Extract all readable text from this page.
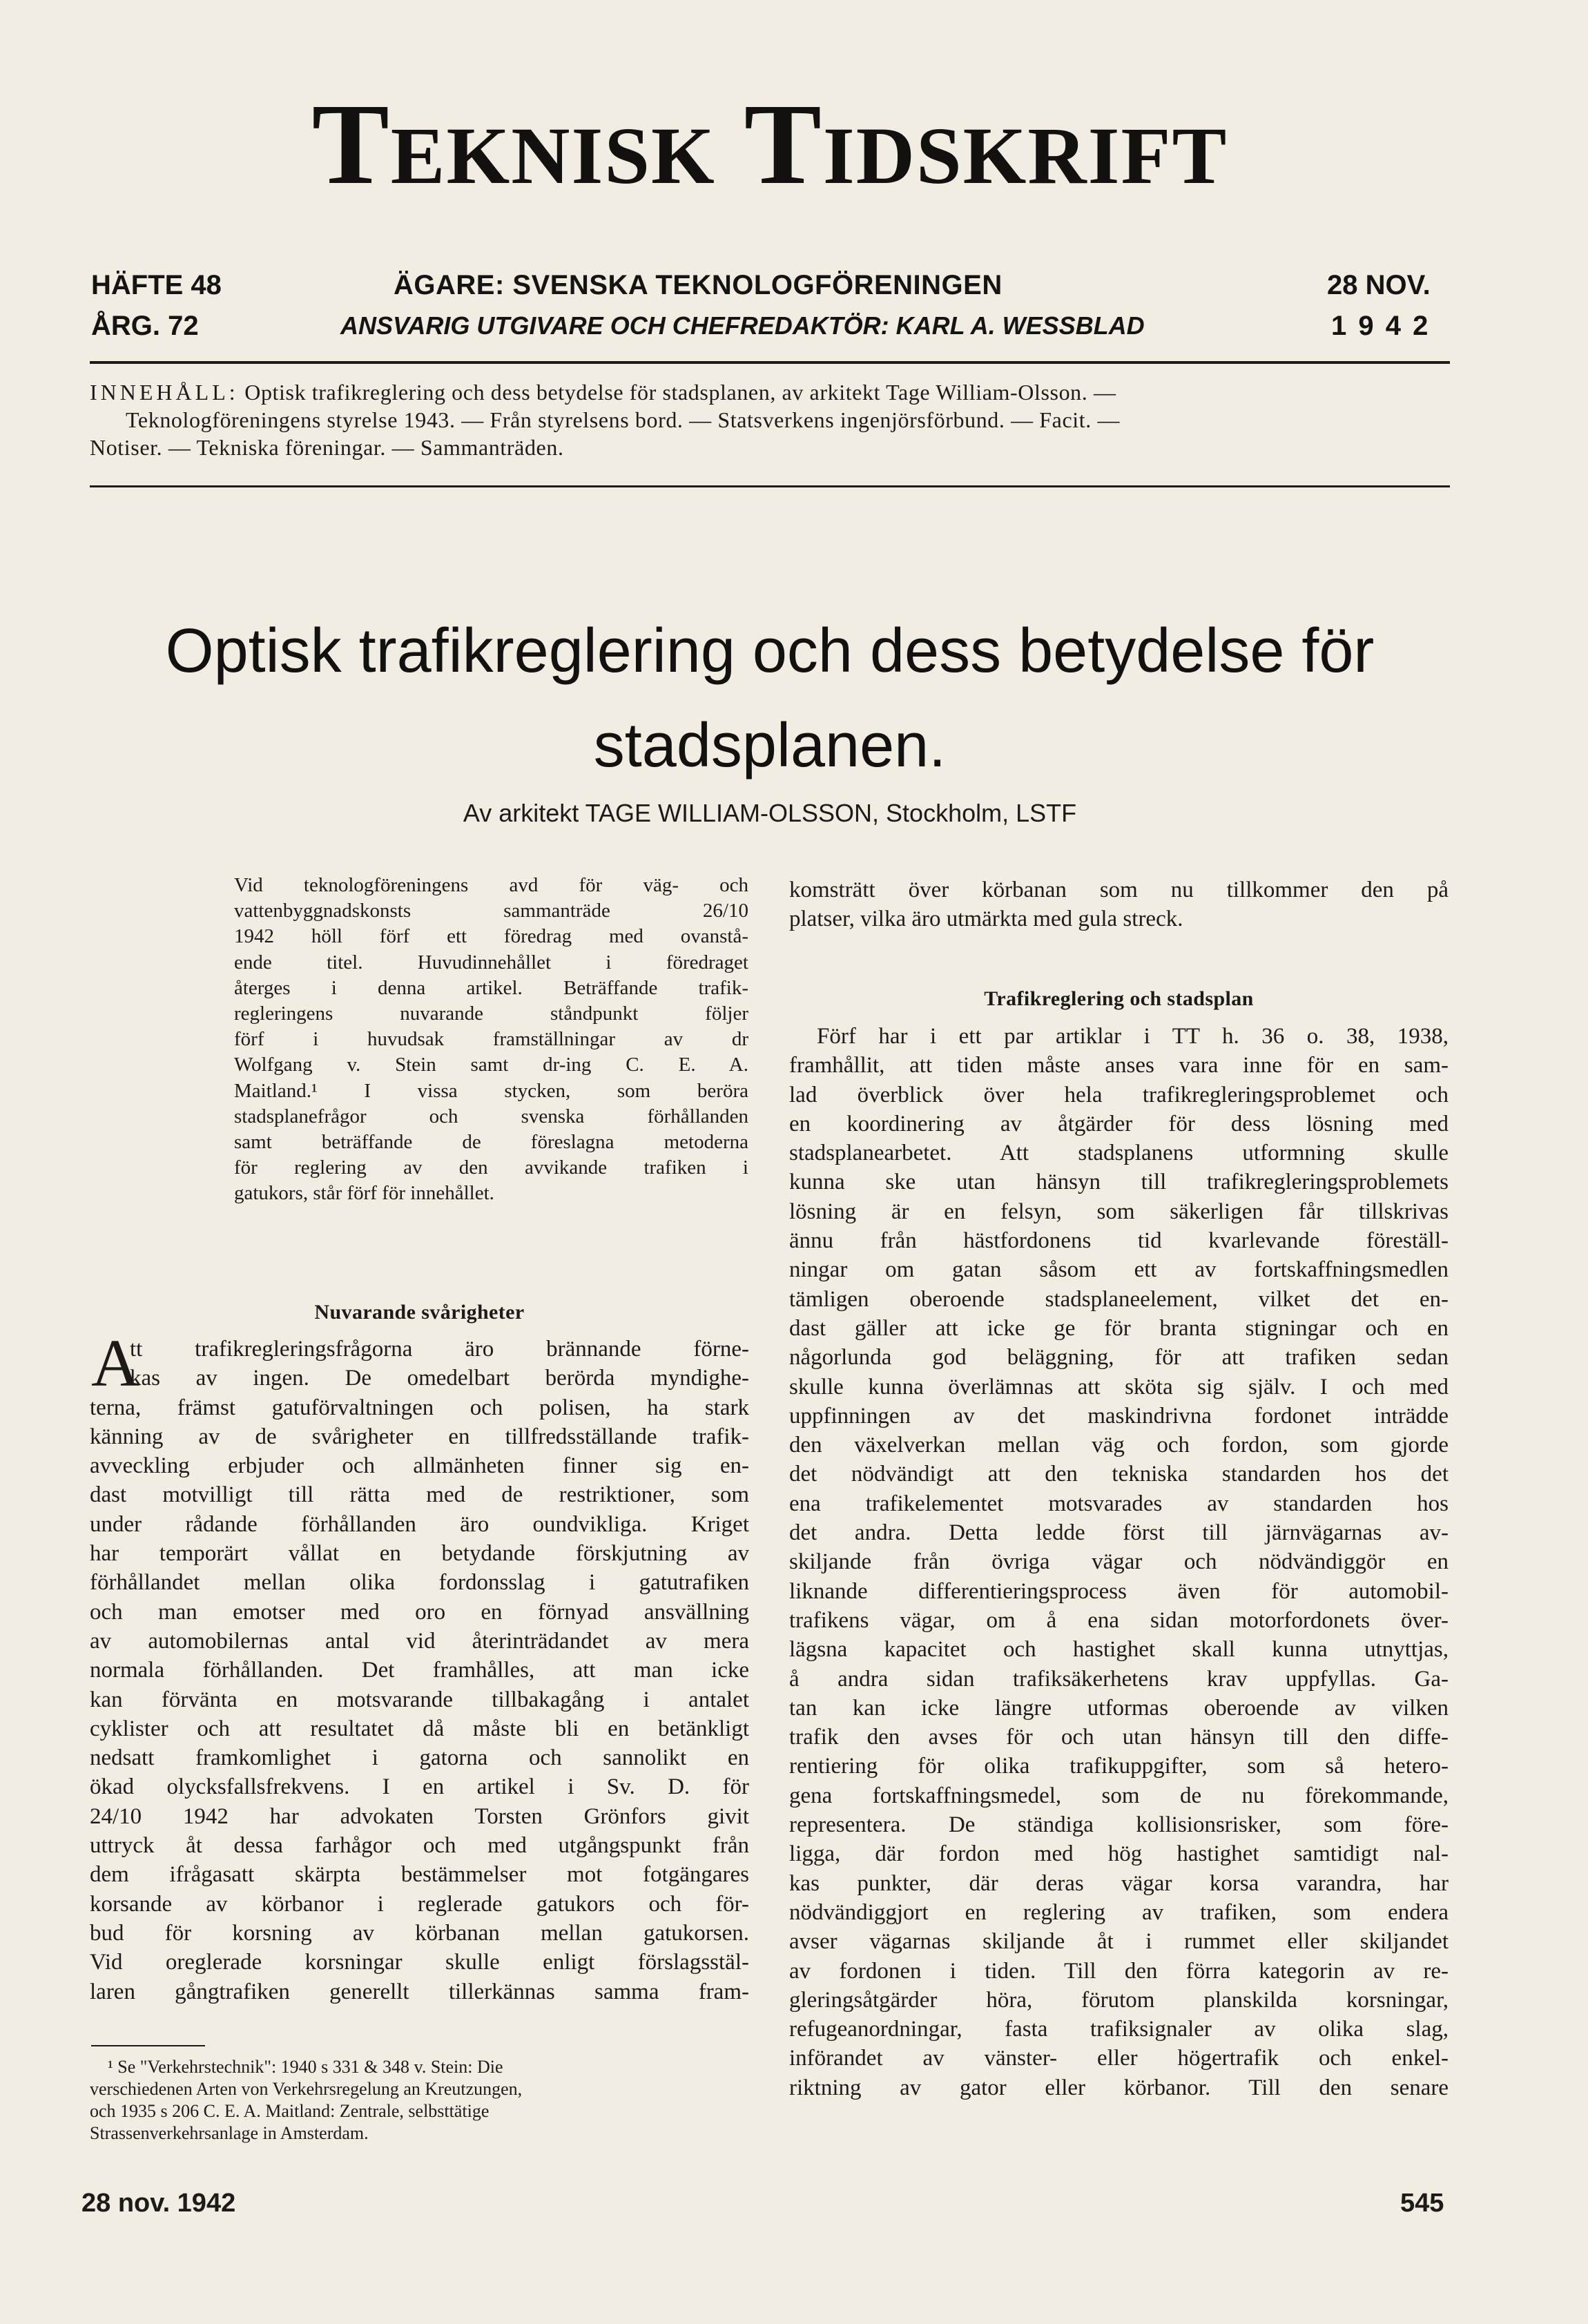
Teknisk Tidskrift
HÄFTE 48	ÄGARE: SVENSKA TEKNOLOGFÖRENINGEN	28 NOV.
ÅRG. 72	ANSVARIG UTGIVARE OCH CHEFREDAKTÖR: KARL A. WESSBLAD	1 9 4 2
INNEHÅLL: Optisk trafikreglering och dess betydelse för stadsplanen, av arkitekt Tage William-Olsson. —
Teknologföreningens styrelse 1943. — Från styrelsens bord. — Statsverkens ingenjörsförbund. — Facit. —
Notiser. — Tekniska föreningar. — Sammanträden.
Optisk trafikreglering och dess betydelse för
stadsplanen.
Av arkitekt TAGE WILLIAM-OLSSON, Stockholm, LSTF
Vid teknologföreningens avd för väg- och
vattenbyggnadskonsts sammanträde 26/10
1942 höll förf ett föredrag med ovanstå-
ende titel. Huvudinnehållet i föredraget
återges i denna artikel. Beträffande trafik-
regleringens nuvarande ståndpunkt följer
förf i huvudsak framställningar av dr
Wolfgang v. Stein samt dr-ing C. E. A.
Maitland.¹ I vissa stycken, som beröra
stadsplanefrågor och svenska förhållanden
samt beträffande de föreslagna metoderna
för reglering av den avvikande trafiken i
gatukors, står förf för innehållet.
Nuvarande svårigheter
A
tt trafikregleringsfrågorna äro brännande förne-
kas av ingen. De omedelbart berörda myndighe-
terna, främst gatuförvaltningen och polisen, ha stark
känning av de svårigheter en tillfredsställande trafik-
avveckling erbjuder och allmänheten finner sig en-
dast motvilligt till rätta med de restriktioner, som
under rådande förhållanden äro oundvikliga. Kriget
har temporärt vållat en betydande förskjutning av
förhållandet mellan olika fordonsslag i gatutrafiken
och man emotser med oro en förnyad ansvällning
av automobilernas antal vid återinträdandet av mera
normala förhållanden. Det framhålles, att man icke
kan förvänta en motsvarande tillbakagång i antalet
cyklister och att resultatet då måste bli en betänkligt
nedsatt framkomlighet i gatorna och sannolikt en
ökad olycksfallsfrekvens. I en artikel i Sv. D. för
24/10 1942 har advokaten Torsten Grönfors givit
uttryck åt dessa farhågor och med utgångspunkt från
dem ifrågasatt skärpta bestämmelser mot fotgängares
korsande av körbanor i reglerade gatukors och för-
bud för korsning av körbanan mellan gatukorsen.
Vid oreglerade korsningar skulle enligt förslagsstäl-
laren gångtrafiken generellt tillerkännas samma fram-
¹ Se "Verkehrstechnik": 1940 s 331 & 348 v. Stein: Die
verschiedenen Arten von Verkehrsregelung an Kreutzungen,
och 1935 s 206 C. E. A. Maitland: Zentrale, selbsttätige
Strassenverkehrsanlage in Amsterdam.
komsträtt över körbanan som nu tillkommer den på
platser, vilka äro utmärkta med gula streck.
Trafikreglering och stadsplan
Förf har i ett par artiklar i TT h. 36 o. 38, 1938,
framhållit, att tiden måste anses vara inne för en sam-
lad överblick över hela trafikregleringsproblemet och
en koordinering av åtgärder för dess lösning med
stadsplanearbetet. Att stadsplanens utformning skulle
kunna ske utan hänsyn till trafikregleringsproblemets
lösning är en felsyn, som säkerligen får tillskrivas
ännu från hästfordonens tid kvarlevande föreställ-
ningar om gatan såsom ett av fortskaffningsmedlen
tämligen oberoende stadsplaneelement, vilket det en-
dast gäller att icke ge för branta stigningar och en
någorlunda god beläggning, för att trafiken sedan
skulle kunna överlämnas att sköta sig själv. I och med
uppfinningen av det maskindrivna fordonet inträdde
den växelverkan mellan väg och fordon, som gjorde
det nödvändigt att den tekniska standarden hos det
ena trafikelementet motsvarades av standarden hos
det andra. Detta ledde först till järnvägarnas av-
skiljande från övriga vägar och nödvändiggör en
liknande differentieringsprocess även för automobil-
trafikens vägar, om å ena sidan motorfordonets över-
lägsna kapacitet och hastighet skall kunna utnyttjas,
å andra sidan trafiksäkerhetens krav uppfyllas. Ga-
tan kan icke längre utformas oberoende av vilken
trafik den avses för och utan hänsyn till den diffe-
rentiering för olika trafikuppgifter, som så hetero-
gena fortskaffningsmedel, som de nu förekommande,
representera. De ständiga kollisionsrisker, som före-
ligga, där fordon med hög hastighet samtidigt nal-
kas punkter, där deras vägar korsa varandra, har
nödvändiggjort en reglering av trafiken, som endera
avser vägarnas skiljande åt i rummet eller skiljandet
av fordonen i tiden. Till den förra kategorin av re-
gleringsåtgärder höra, förutom planskilda korsningar,
refugeanordningar, fasta trafiksignaler av olika slag,
införandet av vänster- eller högertrafik och enkel-
riktning av gator eller körbanor. Till den senare
28 nov. 1942	545
